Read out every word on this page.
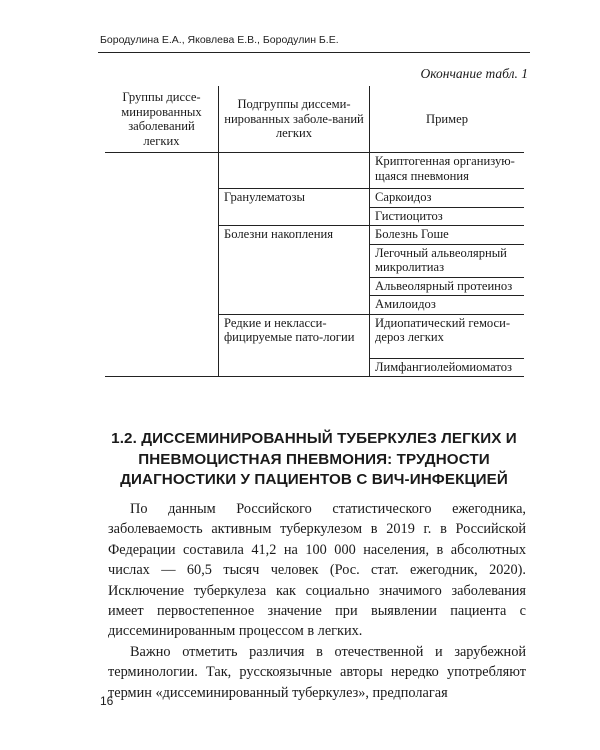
Бородулина Е.А., Яковлева Е.В., Бородулин Б.Е.
Окончание табл. 1
Группы диссе-минированных заболеваний легких	Подгруппы диссеми-нированных заболе-ваний легких	Пример
		Криптогенная организую-щаяся пневмония
	Гранулематозы	Саркоидоз
		Гистиоцитоз
	Болезни накопления	Болезнь Гоше
		Легочный альвеолярный микролитиаз
		Альвеолярный протеиноз
		Амилоидоз
	Редкие и некласси-фицируемые пато-логии	Идиопатический гемоси-дероз легких
		Лимфангиолейомиоматоз
1.2. ДИССЕМИНИРОВАННЫЙ ТУБЕРКУЛЕЗ ЛЕГКИХ И ПНЕВМОЦИСТНАЯ ПНЕВМОНИЯ: ТРУДНОСТИ ДИАГНОСТИКИ У ПАЦИЕНТОВ С ВИЧ-ИНФЕКЦИЕЙ

По данным Российского статистического ежегодника, заболеваемость активным туберкулезом в 2019 г. в Российской Федерации составила 41,2 на 100 000 населения, в абсолютных числах — 60,5 тысяч человек (Рос. стат. ежегодник, 2020). Исключение туберкулеза как социально значимого заболевания имеет первостепенное значение при выявлении пациента с диссеминированным процессом в легких.

Важно отметить различия в отечественной и зарубежной терминологии. Так, русскоязычные авторы нередко употребляют термин «диссеминированный туберкулез», предполагая

16
